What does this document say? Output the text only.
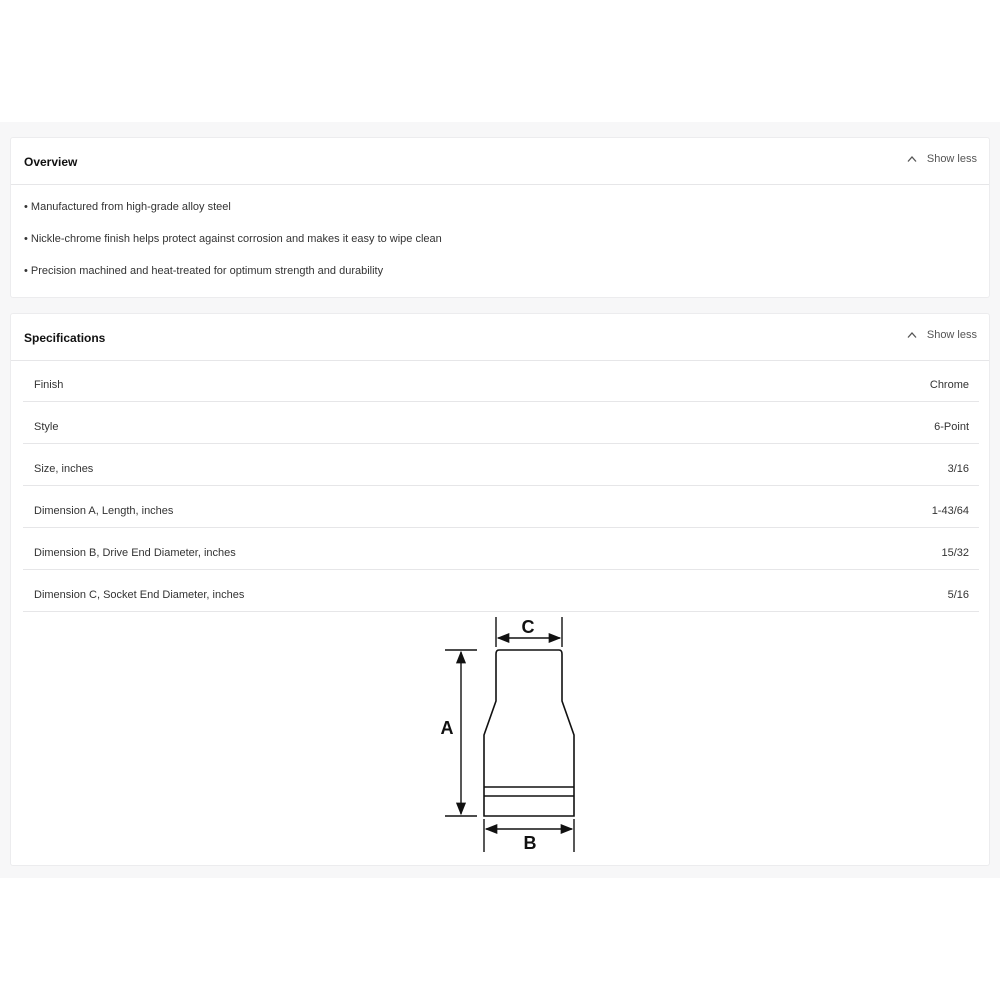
Overview	Show less
• Manufactured from high-grade alloy steel
• Nickle-chrome finish helps protect against corrosion and makes it easy to wipe clean
• Precision machined and heat-treated for optimum strength and durability
Specifications	Show less
Finish	Chrome
Style	6-Point
Size, inches	3/16
Dimension A, Length, inches	1-43/64
Dimension B, Drive End Diameter, inches	15/32
Dimension C, Socket End Diameter, inches	5/16
C
A
B
